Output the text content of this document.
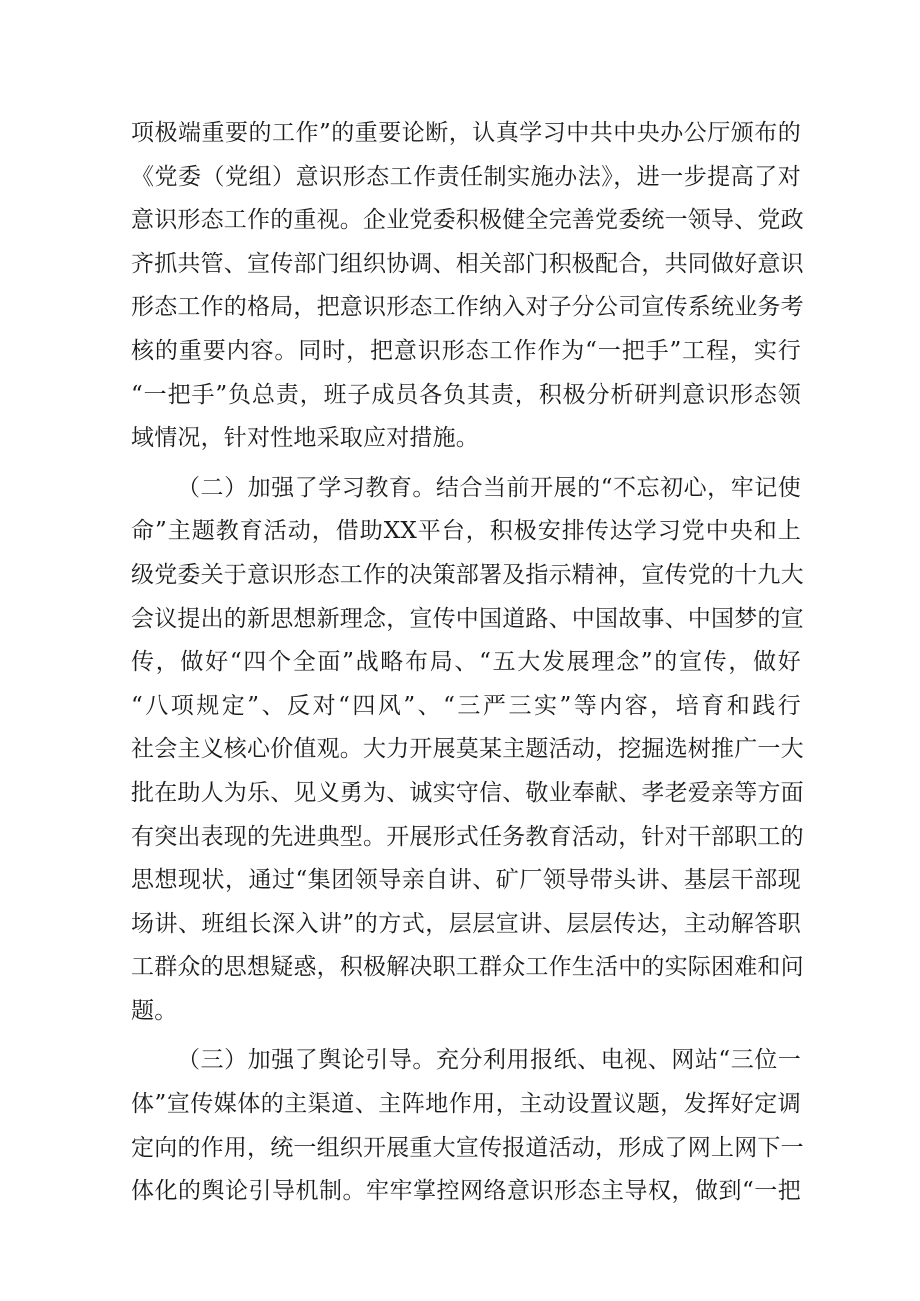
项极端重要的工作”的重要论断，认真学习中共中央办公厅颁布的
《党委（党组）意识形态工作责任制实施办法》，进一步提高了对
意识形态工作的重视。企业党委积极健全完善党委统一领导、党政
齐抓共管、宣传部门组织协调、相关部门积极配合，共同做好意识
形态工作的格局，把意识形态工作纳入对子分公司宣传系统业务考
核的重要内容。同时，把意识形态工作作为“一把手”工程，实行
“一把手”负总责，班子成员各负其责，积极分析研判意识形态领
域情况，针对性地采取应对措施。
（二）加强了学习教育。结合当前开展的“不忘初心，牢记使
命”主题教育活动，借助XX平台，积极安排传达学习党中央和上
级党委关于意识形态工作的决策部署及指示精神，宣传党的十九大
会议提出的新思想新理念，宣传中国道路、中国故事、中国梦的宣
传，做好“四个全面”战略布局、“五大发展理念”的宣传，做好
“八项规定”、反对“四风”、“三严三实”等内容，培育和践行
社会主义核心价值观。大力开展莫某主题活动，挖掘选树推广一大
批在助人为乐、见义勇为、诚实守信、敬业奉献、孝老爱亲等方面
有突出表现的先进典型。开展形式任务教育活动，针对干部职工的
思想现状，通过“集团领导亲自讲、矿厂领导带头讲、基层干部现
场讲、班组长深入讲”的方式，层层宣讲、层层传达，主动解答职
工群众的思想疑惑，积极解决职工群众工作生活中的实际困难和问
题。
（三）加强了舆论引导。充分利用报纸、电视、网站“三位一
体”宣传媒体的主渠道、主阵地作用，主动设置议题，发挥好定调
定向的作用，统一组织开展重大宣传报道活动，形成了网上网下一
体化的舆论引导机制。牢牢掌控网络意识形态主导权，做到“一把
